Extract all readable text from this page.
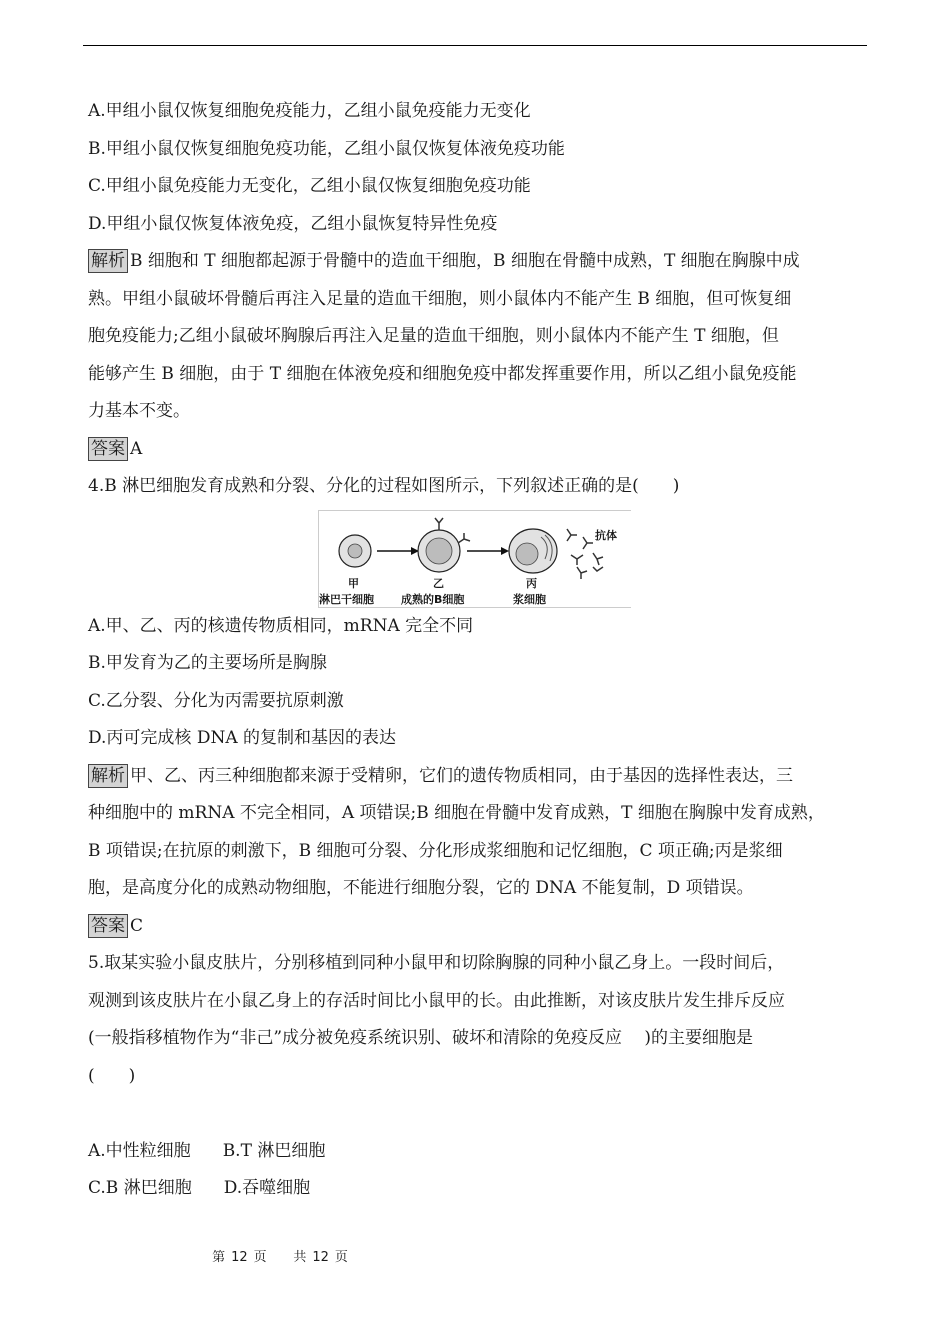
A.甲组小鼠仅恢复细胞免疫能力，乙组小鼠免疫能力无变化
B.甲组小鼠仅恢复细胞免疫功能，乙组小鼠仅恢复体液免疫功能
C.甲组小鼠免疫能力无变化，乙组小鼠仅恢复细胞免疫功能
D.甲组小鼠仅恢复体液免疫，乙组小鼠恢复特异性免疫
解析 B 细胞和 T 细胞都起源于骨髓中的造血干细胞，B 细胞在骨髓中成熟，T 细胞在胸腺中成
熟。甲组小鼠破坏骨髓后再注入足量的造血干细胞，则小鼠体内不能产生 B 细胞，但可恢复细
胞免疫能力;乙组小鼠破坏胸腺后再注入足量的造血干细胞，则小鼠体内不能产生 T 细胞，但
能够产生 B 细胞，由于 T 细胞在体液免疫和细胞免疫中都发挥重要作用，所以乙组小鼠免疫能
力基本不变。
答案 A
4.B 淋巴细胞发育成熟和分裂、分化的过程如图所示，下列叙述正确的是(　　)
抗体
甲
淋巴干细胞
乙
成熟的B细胞
丙
浆细胞
A.甲、乙、丙的核遗传物质相同，mRNA 完全不同
B.甲发育为乙的主要场所是胸腺
C.乙分裂、分化为丙需要抗原刺激
D.丙可完成核 DNA 的复制和基因的表达
解析 甲、乙、丙三种细胞都来源于受精卵，它们的遗传物质相同，由于基因的选择性表达，三
种细胞中的 mRNA 不完全相同，A 项错误;B 细胞在骨髓中发育成熟，T 细胞在胸腺中发育成熟，
B 项错误;在抗原的刺激下，B 细胞可分裂、分化形成浆细胞和记忆细胞，C 项正确;丙是浆细
胞，是高度分化的成熟动物细胞，不能进行细胞分裂，它的 DNA 不能复制，D 项错误。
答案 C
5.取某实验小鼠皮肤片，分别移植到同种小鼠甲和切除胸腺的同种小鼠乙身上。一段时间后，
观测到该皮肤片在小鼠乙身上的存活时间比小鼠甲的长。由此推断，对该皮肤片发生排斥反应
(一般指移植物作为“非己”成分被免疫系统识别、破坏和清除的免疫反应　 )的主要细胞是
(　　)
A.中性粒细胞 B.T 淋巴细胞
C.B 淋巴细胞 D.吞噬细胞
第 12 页 共 12 页
